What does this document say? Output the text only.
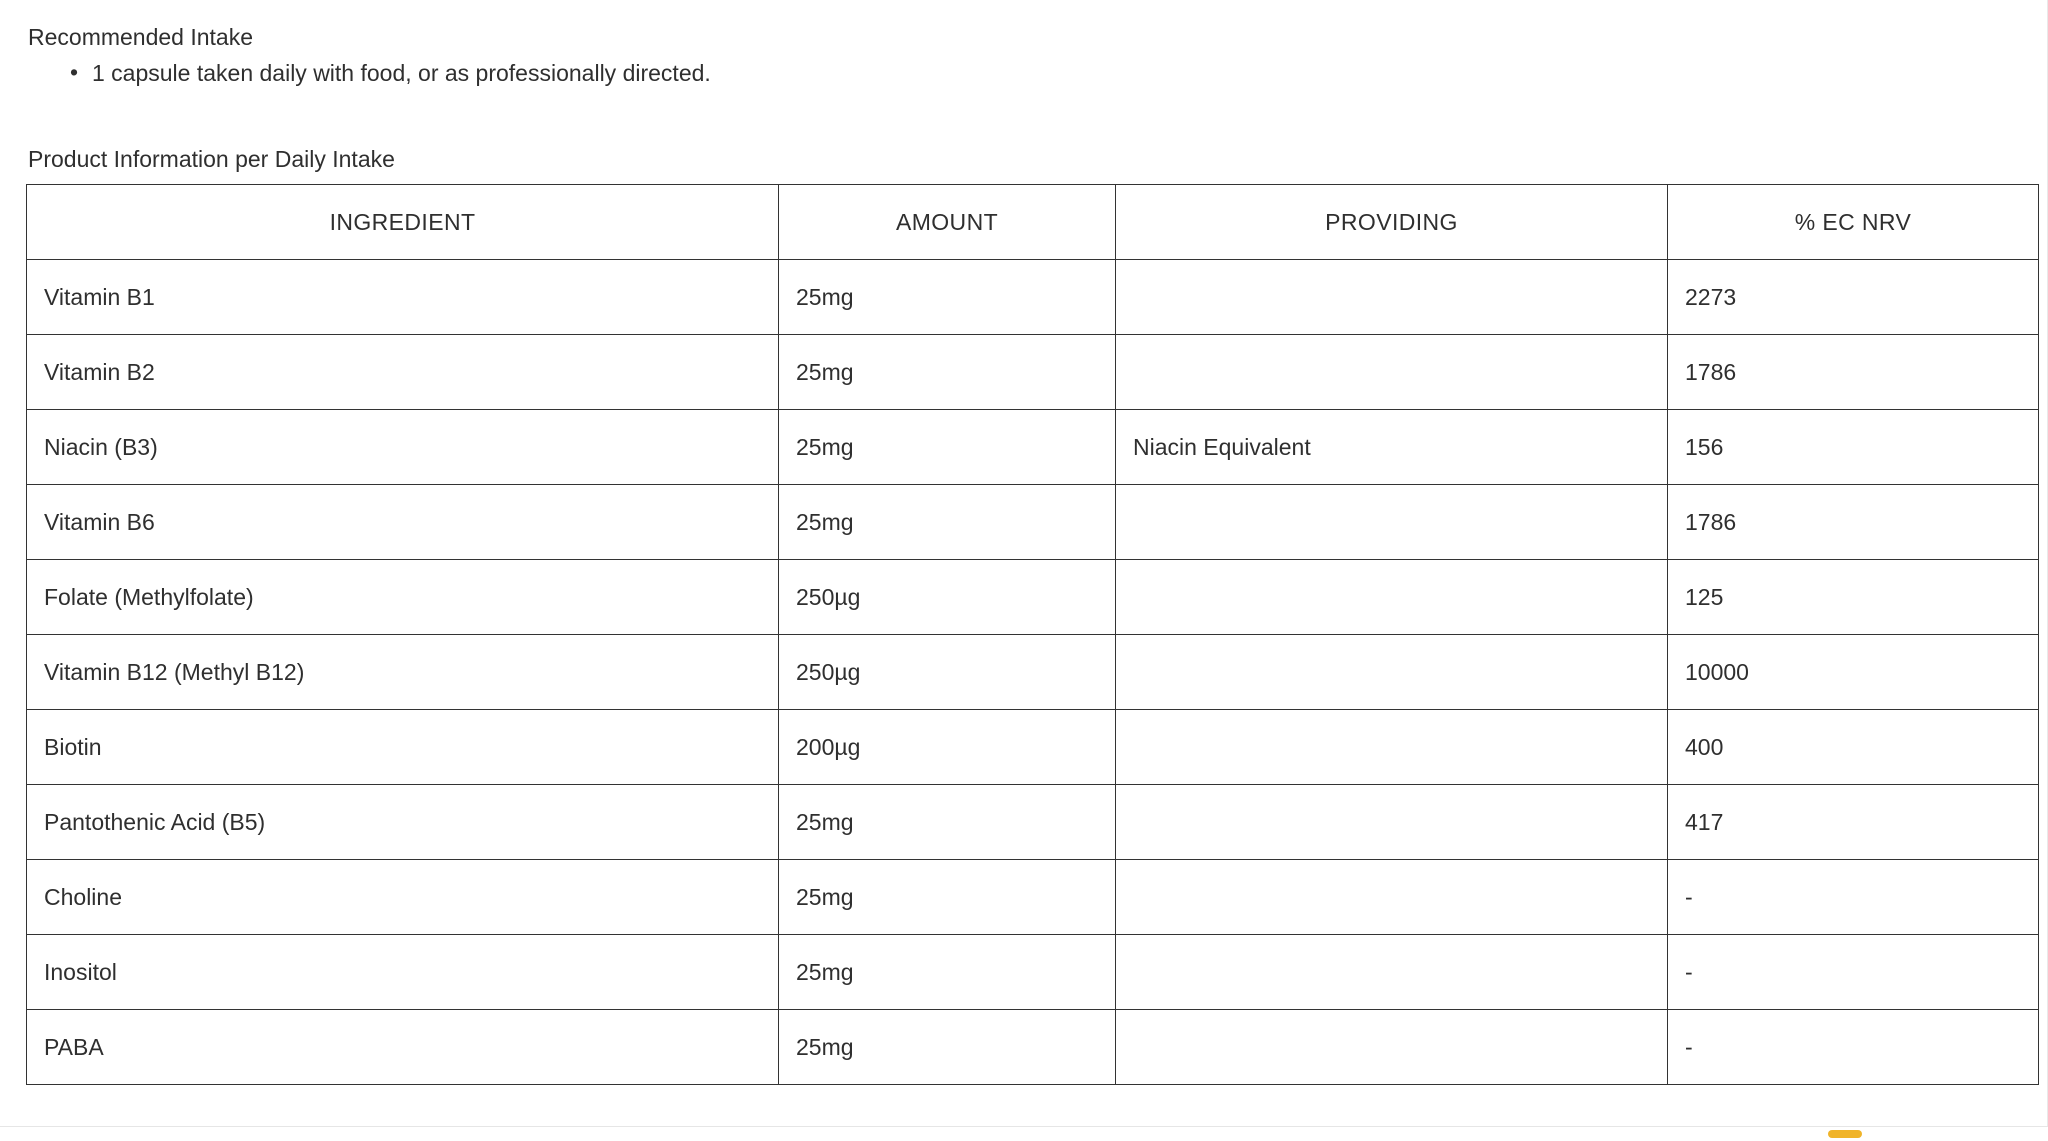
Recommended Intake
• 1 capsule taken daily with food, or as professionally directed.
Product Information per Daily Intake
INGREDIENT	AMOUNT	PROVIDING	% EC NRV
Vitamin B1	25mg		2273
Vitamin B2	25mg		1786
Niacin (B3)	25mg	Niacin Equivalent	156
Vitamin B6	25mg		1786
Folate (Methylfolate)	250µg		125
Vitamin B12 (Methyl B12)	250µg		10000
Biotin	200µg		400
Pantothenic Acid (B5)	25mg		417
Choline	25mg		-
Inositol	25mg		-
PABA	25mg		-
